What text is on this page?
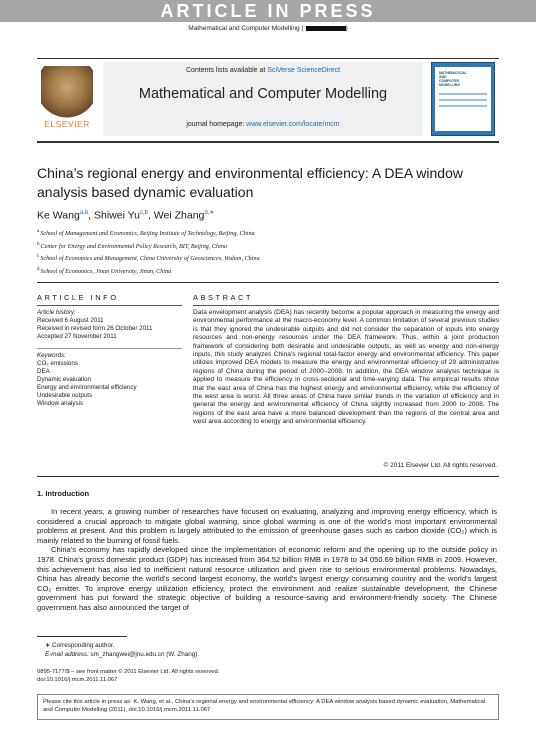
ARTICLE IN PRESS
Mathematical and Computer Modelling (	)
ELSEVIER
Contents lists available at SciVerse ScienceDirect
Mathematical and Computer Modelling
journal homepage: www.elsevier.com/locate/mcm
MATHEMATICAL
AND
COMPUTER
MODELLING
China’s regional energy and environmental efficiency: A DEA window
analysis based dynamic evaluation
Ke Wang$^{a,b}$, Shiwei Yu$^{c,b}$, Wei Zhang$^{d,∗}$
$^a$School of Management and Economics, Beijing Institute of Technology, Beijing, China
$^b$Center for Energy and Environmental Policy Research, BIT, Beijing, China
$^c$School of Economics and Management, China University of Geosciences, Wuhan, China
$^d$School of Economics, Jinan University, Jinan, China
ARTICLE INFO
Article history:
Received 6 August 2011
Received in revised form 26 October 2011
Accepted 27 November 2011
Keywords:
CO₂ emissions
DEA
Dynamic evaluation
Energy and environmental efficiency
Undesirable outputs
Window analysis
ABSTRACT
Data envelopment analysis (DEA) has recently become a popular approach in measuring the energy and environmental performance at the macro-economy level. A common limitation of several previous studies is that they ignored the undesirable outputs and did not consider the separation of inputs into energy resources and non-energy resources under the DEA framework. Thus, within a joint production framework of considering both desirable and undesirable outputs, as well as energy and non-energy inputs, this study analyzes China’s regional total-factor energy and environmental efficiency. This paper utilizes improved DEA models to measure the energy and environmental efficiency of 29 administrative regions of China during the period of 2000–2008. In addition, the DEA window analysis technique is applied to measure the efficiency in cross-sectional and time-varying data. The empirical results show that the east area of China has the highest energy and environmental efficiency, while the efficiency of the west area is worst. All three areas of China have similar trends in the variation of efficiency and in general the energy and environmental efficiency of China slightly increased from 2000 to 2008. The regions of the east area have a more balanced development than the regions of the central area and west area according to energy and environmental efficiency.
© 2011 Elsevier Ltd. All rights reserved.
1. Introduction

In recent years, a growing number of researches have focused on evaluating, analyzing and improving energy efficiency, which is considered a crucial approach to mitigate global warming, since global warming is one of the world’s most important environmental problems at present. And this problem is largely attributed to the emission of greenhouse gases such as carbon dioxide (CO₂) which is mainly related to the burning of fossil fuels.

China’s economy has rapidly developed since the implementation of economic reform and the opening up to the outside policy in 1978. China’s gross domestic product (GDP) has increased from 364.52 billion RMB in 1978 to 34 050.69 billion RMB in 2009. However, this achievement has also led to inefficient natural resource utilization and given rise to serious environmental problems. Nowadays, China has already become the world’s second largest economy, the world’s largest energy consuming country and the world’s largest CO₂ emitter. To improve energy utilization efficiency, protect the environment and realize sustainable development, the Chinese government has put forward the strategic objective of building a resource-saving and environment-friendly society. The Chinese government has also announced the target of

∗ Corresponding author.
E-mail address: sm_zhangwei@jnu.edu.cn (W. Zhang).
0895-7177/$ – see front matter © 2011 Elsevier Ltd. All rights reserved.
doi:10.1016/j.mcm.2011.11.067
Please cite this article in press as: K. Wang, et al., China’s regional energy and environmental efficiency: A DEA window analysis based dynamic evaluation, Mathematical and Computer Modelling (2011), doi:10.1016/j.mcm.2011.11.067
